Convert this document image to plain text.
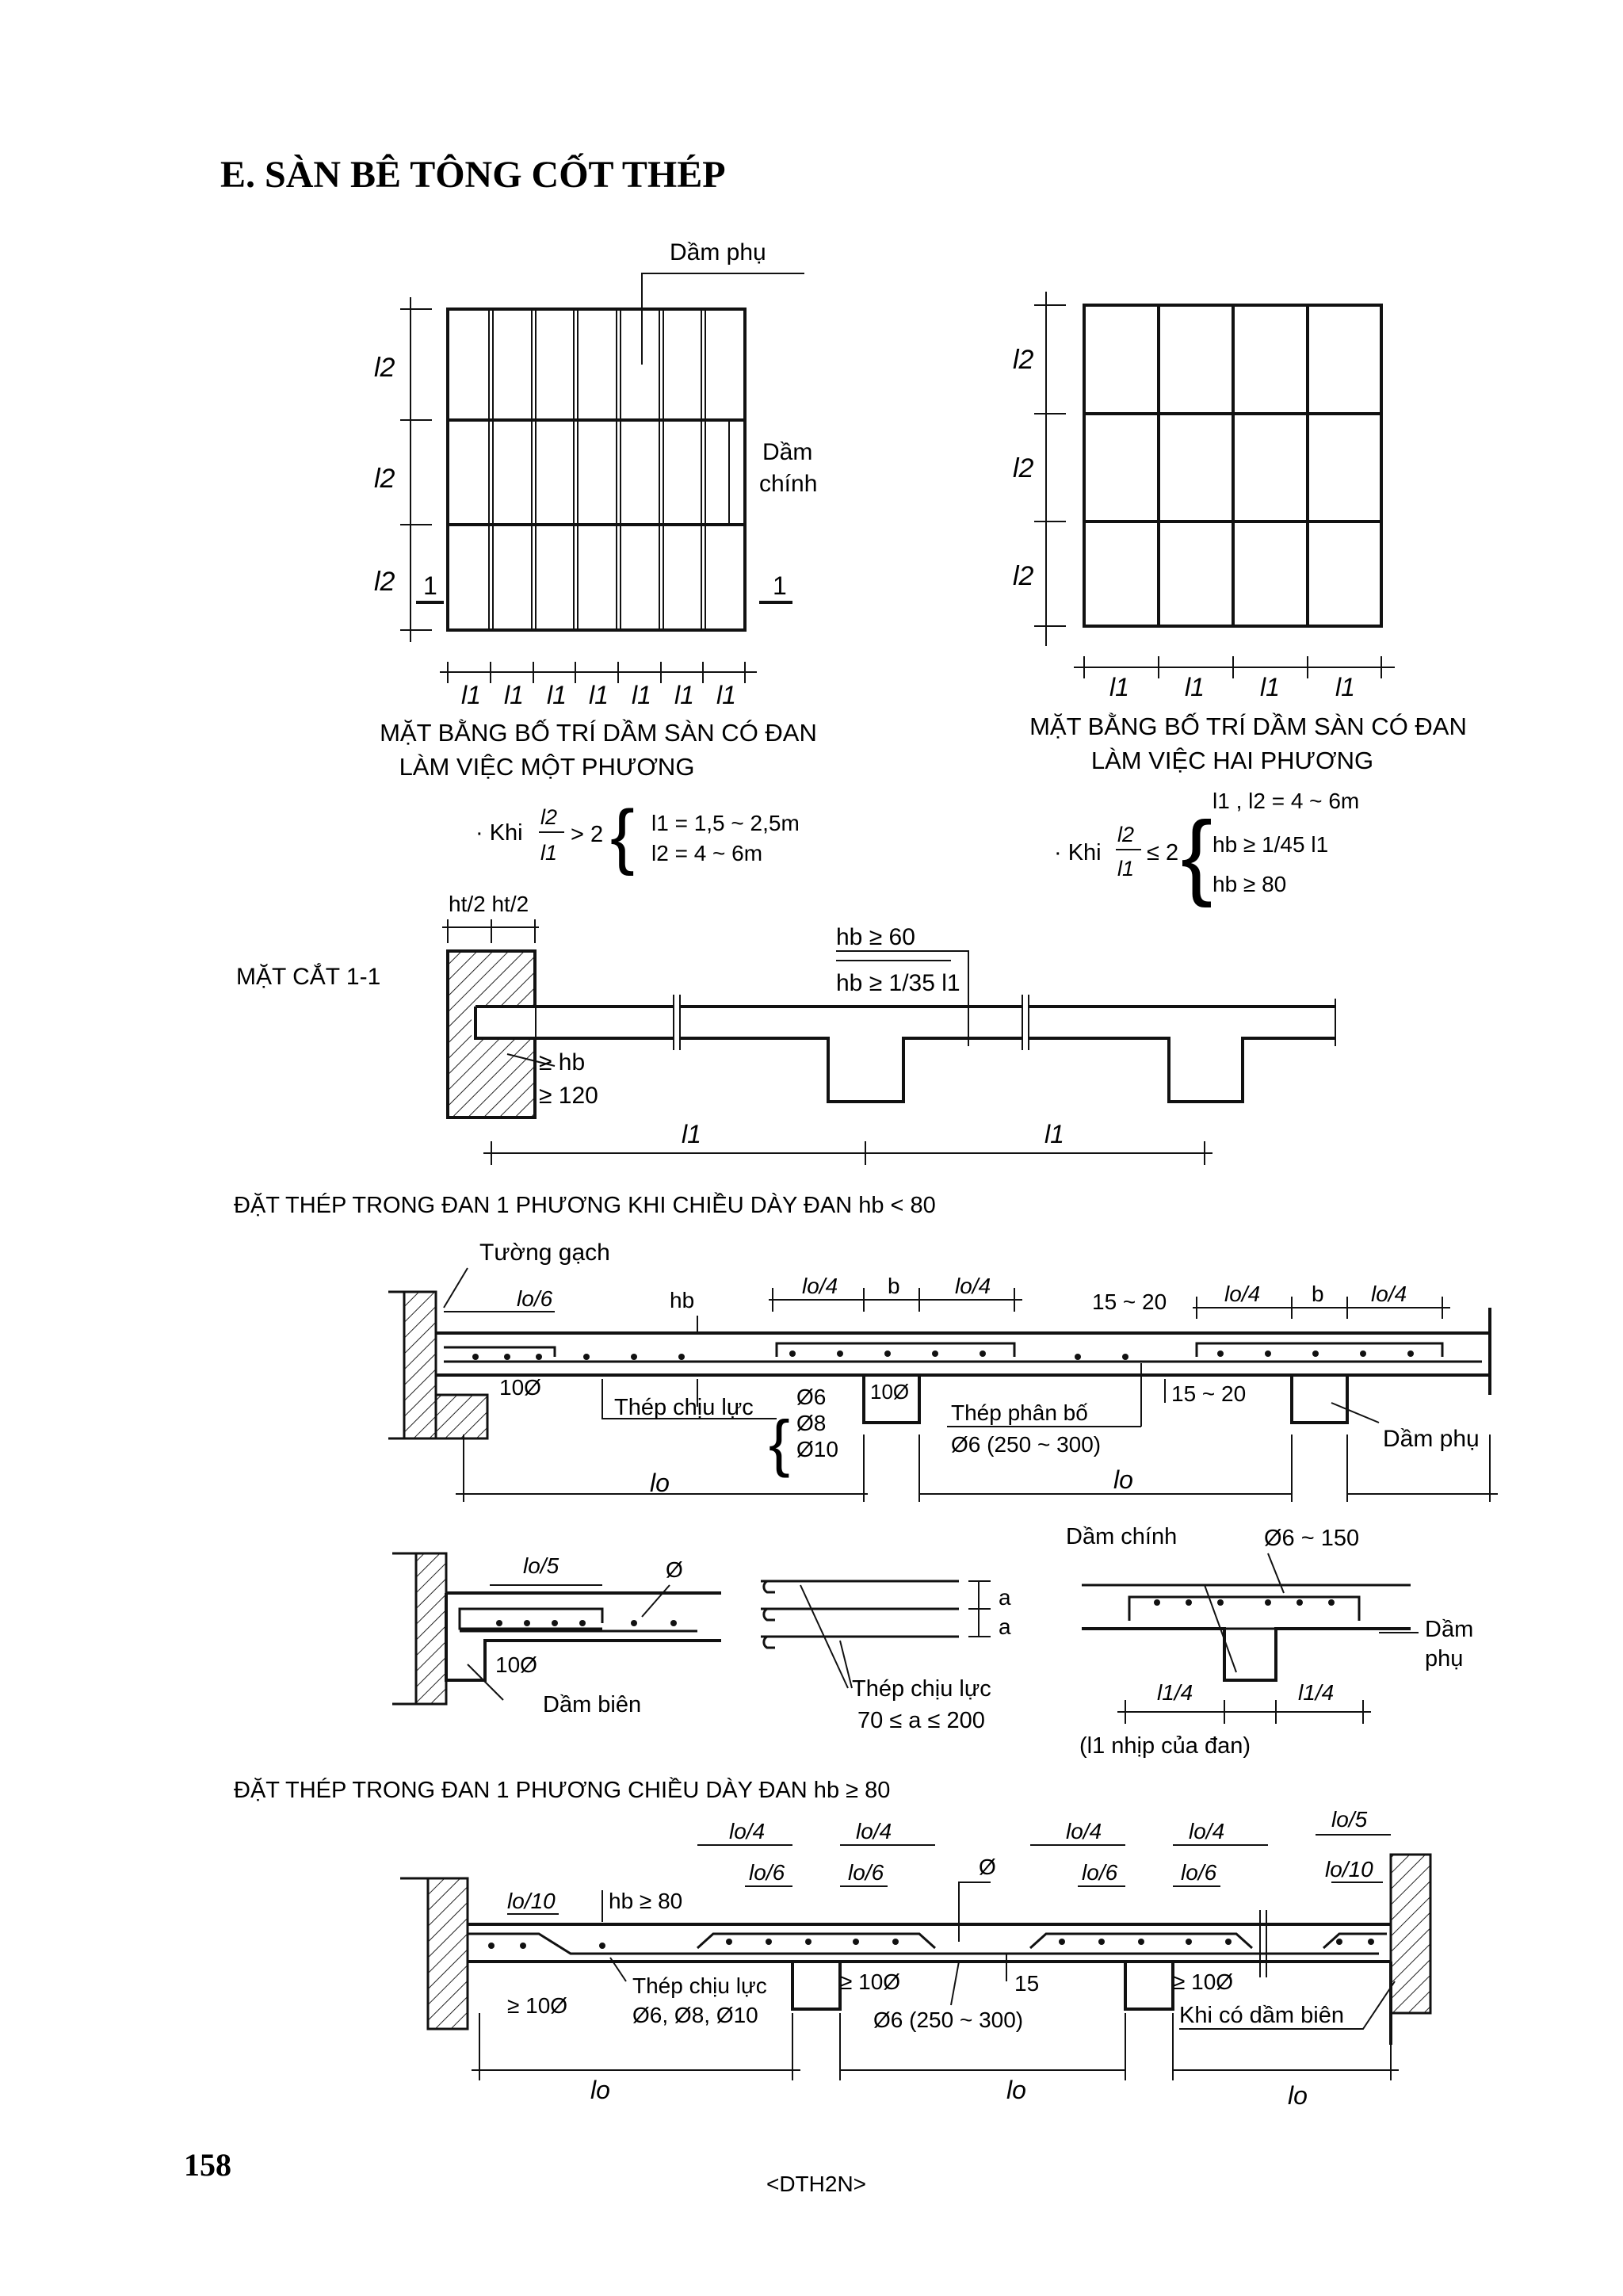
E. SÀN BÊ TÔNG CỐT THÉP
Dầm phụ
Dầm
chính
l2
l2
l2 1	1
l1 l1 l1 l1 l1 l1 l1
MẶT BẰNG BỐ TRÍ DẦM SÀN CÓ ĐAN
LÀM VIỆC MỘT PHƯƠNG
· Khi
l2
l1
> 2 { l1 = 1,5 ~ 2,5m
l2 = 4 ~ 6m
l2
l2
l2
l1 l1 l1 l1
MẶT BẰNG BỐ TRÍ DẦM SÀN CÓ ĐAN
LÀM VIỆC HAI PHƯƠNG
· Khi
l2
l1
≤ 2 {
l1 , l2 = 4 ~ 6m
hb ≥ 1/45 l1
hb ≥ 80
MẶT CẮT 1-1
ht/2 ht/2
hb ≥ 60
hb ≥ 1/35 l1
≥ hb
≥ 120
l1	l1
ĐẶT THÉP TRONG ĐAN 1 PHƯƠNG KHI CHIỀU DÀY ĐAN hb < 80
Tường gạch
lo/6	hb
lo/4 b lo/4
15 ~ 20	lo/4 b lo/4
10Ø	10Ø
Thép chịu lực {
Ø6
Ø8
Ø10
Thép phân bố
Ø6 (250 ~ 300)
15 ~ 20
Dầm phụ
lo	lo
lo/5	Ø
10Ø
Dầm biên
a
a
Thép chịu lực
70 ≤ a ≤ 200
Dầm chính	Ø6 ~ 150
Dầm
phụ
l1/4	l1/4
(l1 nhịp của đan)
ĐẶT THÉP TRONG ĐAN 1 PHƯƠNG CHIỀU DÀY ĐAN hb ≥ 80
lo/10 hb ≥ 80
lo/4
lo/6
lo/4
lo/6	Ø
lo/4
lo/6
lo/4
lo/6
lo/5
lo/10
≥ 10Ø
Thép chịu lực
Ø6, Ø8, Ø10
≥ 10Ø
Ø6 (250 ~ 300)
15	≥ 10Ø
Khi có dầm biên
lo	lo	lo
158
<DTH2N>
